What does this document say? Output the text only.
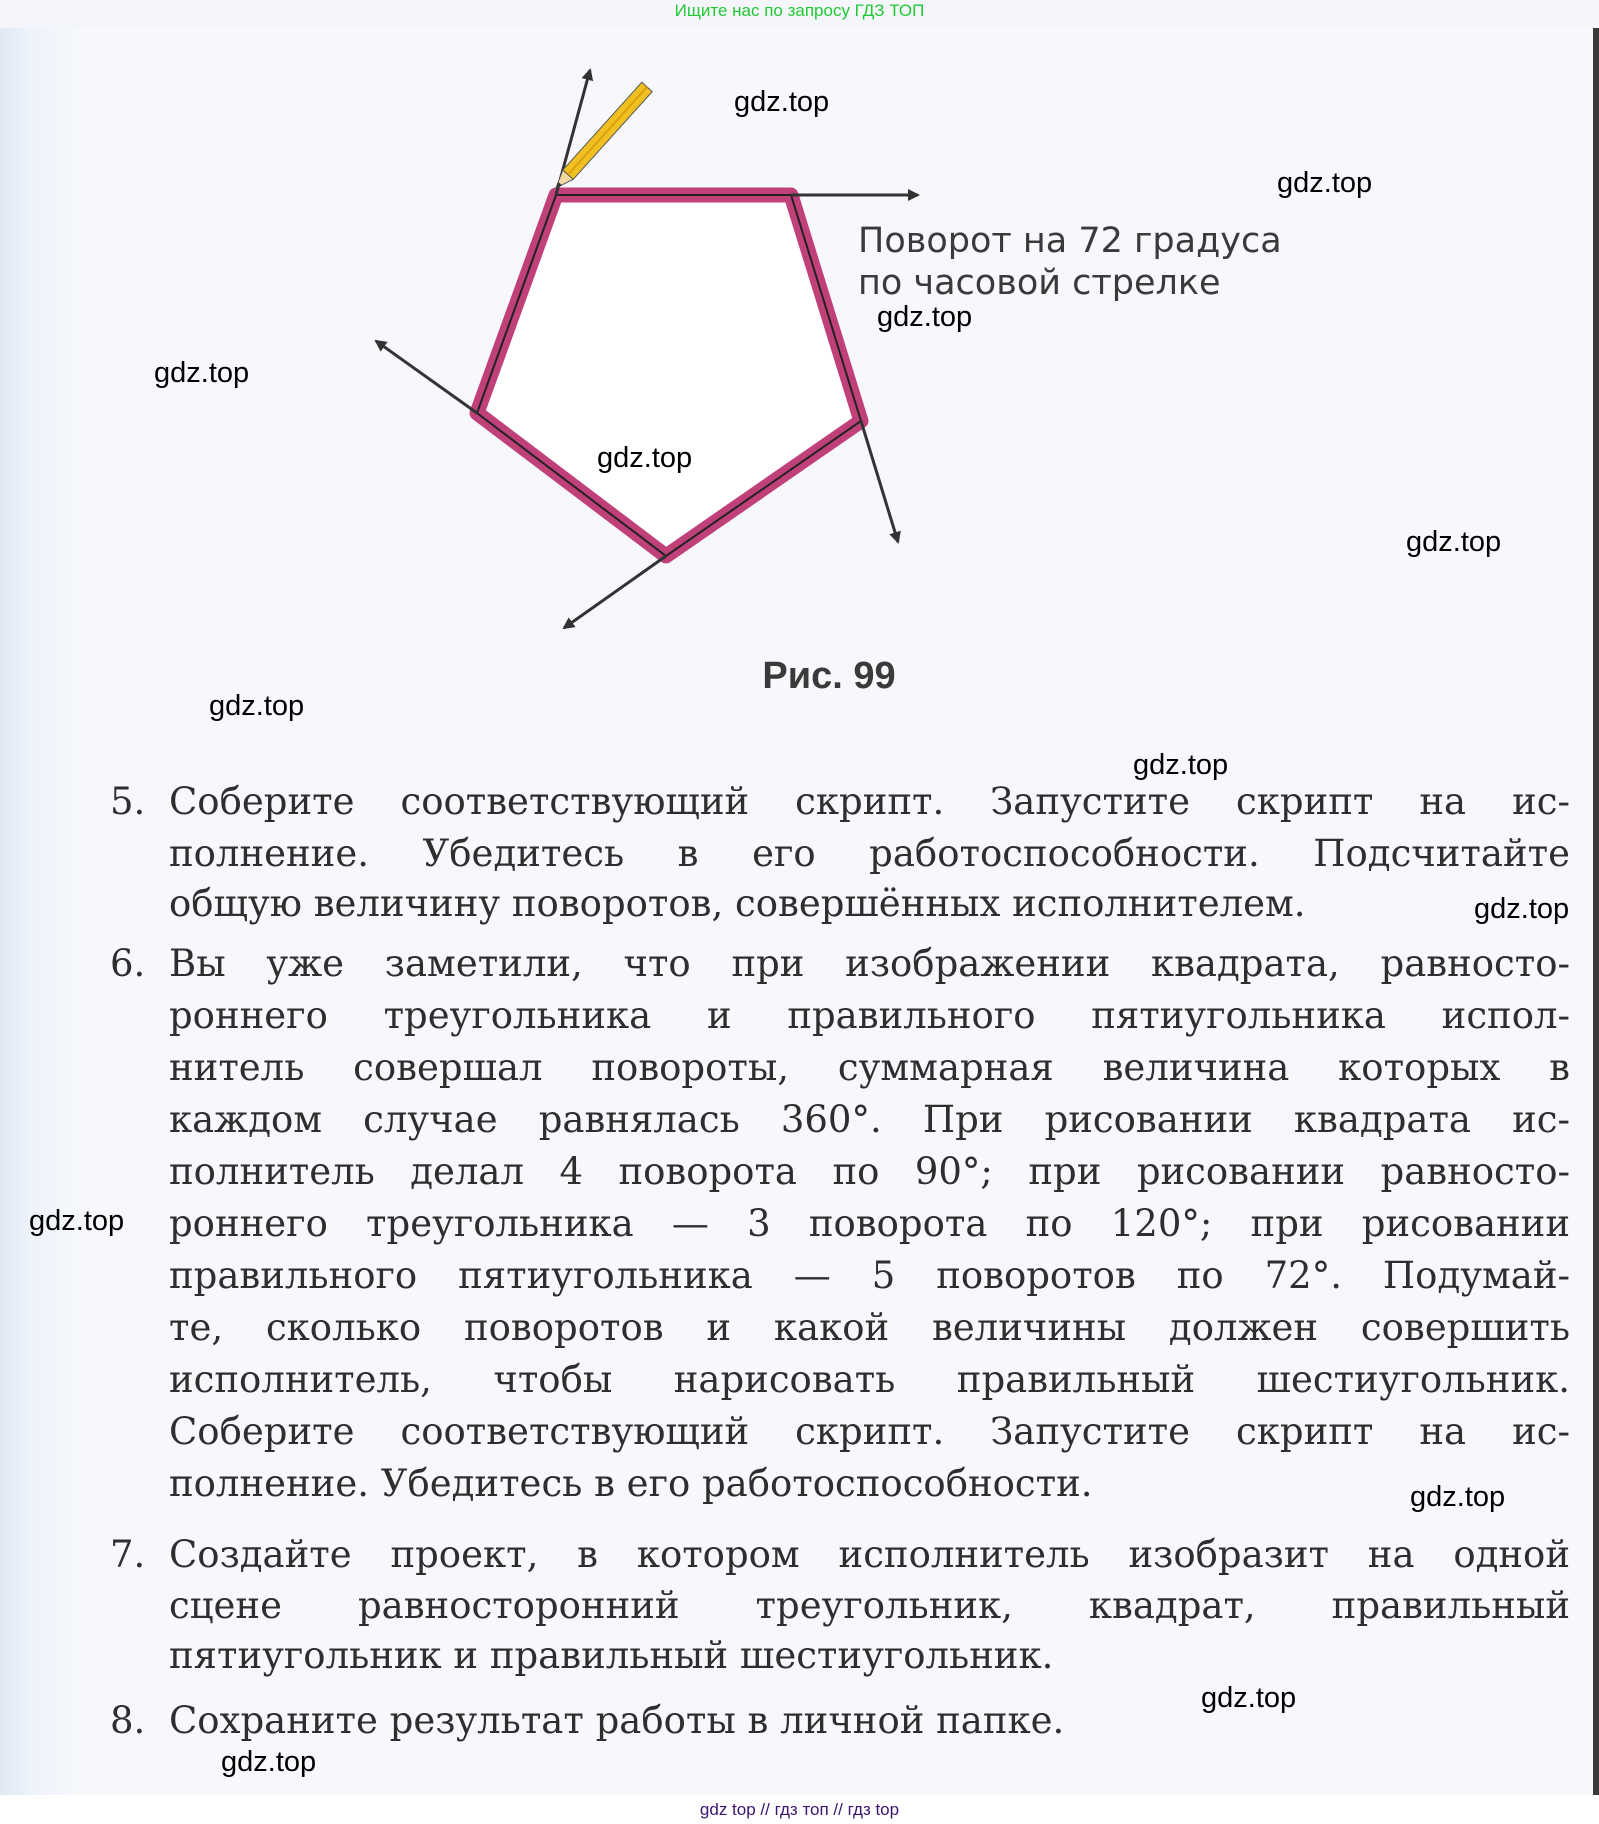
Ищите нас по запросу ГДЗ ТОП
Поворот на 72 градуса
по часовой стрелке
Рис. 99
5. Соберите соответствующий скрипт. Запустите скрипт на ис-
полнение. Убедитесь в его работоспособности. Подсчитайте
общую величину поворотов, совершённых исполнителем.
6. Вы уже заметили, что при изображении квадрата, равносто-
роннего треугольника и правильного пятиугольника испол-
нитель совершал повороты, суммарная величина которых в
каждом случае равнялась 360°. При рисовании квадрата ис-
полнитель делал 4 поворота по 90°; при рисовании равносто-
роннего треугольника — 3 поворота по 120°; при рисовании
правильного пятиугольника — 5 поворотов по 72°. Подумай-
те, сколько поворотов и какой величины должен совершить
исполнитель, чтобы нарисовать правильный шестиугольник.
Соберите соответствующий скрипт. Запустите скрипт на ис-
полнение. Убедитесь в его работоспособности.
7. Создайте проект, в котором исполнитель изобразит на одной
сцене равносторонний треугольник, квадрат, правильный
пятиугольник и правильный шестиугольник.
8. Сохраните результат работы в личной папке.
gdz.top
gdz.top
gdz.top
gdz.top
gdz.top
gdz.top
gdz.top
gdz.top
gdz.top
gdz.top
gdz.top
gdz.top
gdz.top
gdz top // гдз топ // гдз top
